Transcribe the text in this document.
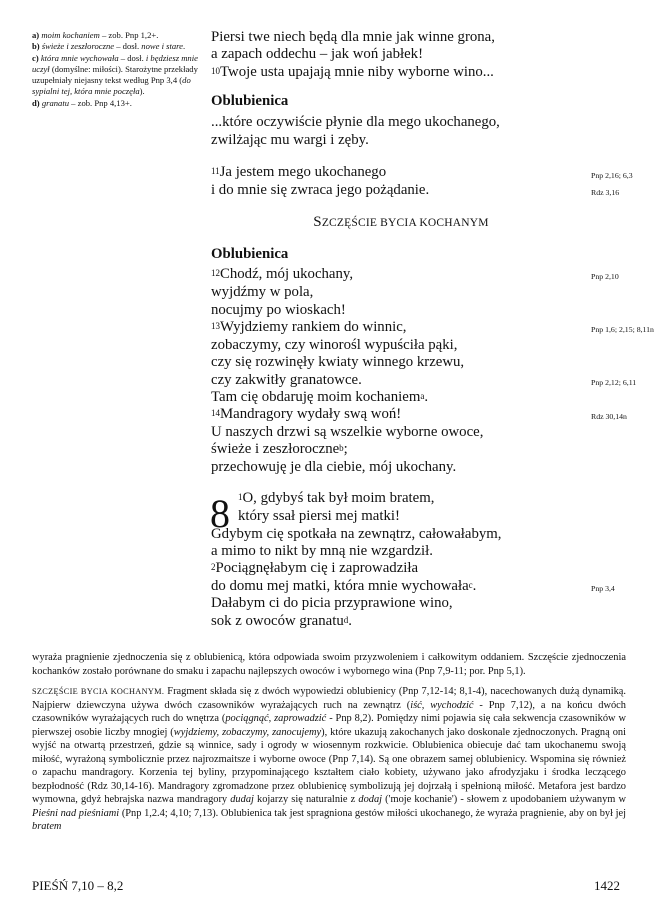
a) moim kochaniem – zob. Pnp 1,2+.

b) świeże i zeszłoroczne – dosł. nowe i stare.

c) która mnie wychowała – dosł. i będziesz mnie uczył (domyślne: miłości). Starożytne przekłady uzupełniały niejasny tekst według Pnp 3,4 (do sypialni tej, która mnie poczęła).

d) granatu – zob. Pnp 4,13+.

Piersi twe niech będą dla mnie jak winne grona,
a zapach oddechu – jak woń jabłek!
$^{10}$Twoje usta upajają mnie niby wyborne wino...
Oblubienica
...które oczywiście płynie dla mego ukochanego,
zwilżając mu wargi i zęby.
$^{11}$Ja jestem mego ukochanego
i do mnie się zwraca jego pożądanie.
Oblubienica
$^{12}$Chodź, mój ukochany,
wyjdźmy w pola,
nocujmy po wioskach!
$^{13}$Wyjdziemy rankiem do winnic,
zobaczymy, czy winorośl wypuściła pąki,
czy się rozwinęły kwiaty winnego krzewu,
czy zakwitły granatowce.
Tam cię obdaruję moim kochaniem$^a$.
$^{14}$Mandragory wydały swą woń!
U naszych drzwi są wszelkie wyborne owoce,
świeże i zeszłoroczne$^b$;
przechowuję je dla ciebie, mój ukochany.
$^1$O, gdybyś tak był moim bratem,
który ssał piersi mej matki!
Gdybym cię spotkała na zewnątrz, całowałabym,
a mimo to nikt by mną nie wzgardził.
$^2$Pociągnęłabym cię i zaprowadziła
do domu mej matki, która mnie wychowała$^c$.
Dałabym ci do picia przyprawione wino,
sok z owoców granatu$^d$.
8
SZCZĘŚCIE BYCIA KOCHANYM
Pnp 2,16; 6,3
Rdz 3,16
Pnp 2,10
Pnp 1,6; 2,15; 8,11n
Pnp 2,12; 6,11
Rdz 30,14n
Pnp 3,4

wyraża pragnienie zjednoczenia się z oblubienicą, która odpowiada swoim przyzwoleniem i całkowitym oddaniem. Szczęście zjednoczenia kochanków zostało porównane do smaku i zapachu najlepszych owoców i wybornego wina (Pnp 7,9-11; por. Pnp 5,1).

SZCZĘŚCIE BYCIA KOCHANYM. Fragment składa się z dwóch wypowiedzi oblubienicy (Pnp 7,12-14; 8,1-4), nacechowanych dużą dynamiką. Najpierw dziewczyna używa dwóch czasowników wyrażających ruch na zewnątrz (iść, wychodzić - Pnp 7,12), a na końcu dwóch czasowników wyrażających ruch do wnętrza (pociągnąć, zaprowadzić - Pnp 8,2). Pomiędzy nimi pojawia się cała sekwencja czasowników w pierwszej osobie liczby mnogiej (wyjdziemy, zobaczymy, zanocujemy), które ukazują zakochanych jako doskonale zjednoczonych. Pragną oni wyjść na otwartą przestrzeń, gdzie są winnice, sady i ogrody w wiosennym rozkwicie. Oblubienica obiecuje dać tam ukochanemu swoją miłość, wyrażoną symbolicznie przez najrozmaitsze i wyborne owoce (Pnp 7,14). Są one obrazem samej oblubienicy. Wspomina się również o zapachu mandragory. Korzenia tej byliny, przypominającego kształtem ciało kobiety, używano jako afrodyzjaku i środka leczącego bezpłodność (Rdz 30,14-16). Mandragory zgromadzone przez oblubienicę symbolizują jej dojrzałą i spełnioną miłość. Metafora jest bardzo wymowna, gdyż hebrajska nazwa mandragory dudaj kojarzy się naturalnie z dodaj ('moje kochanie') - słowem z upodobaniem używanym w Pieśni nad pieśniami (Pnp 1,2.4; 4,10; 7,13). Oblubienica tak jest spragniona gestów miłości ukochanego, że wyraża pragnienie, aby on był jej bratem

PIEŚŃ 7,10 – 8,2	1422
